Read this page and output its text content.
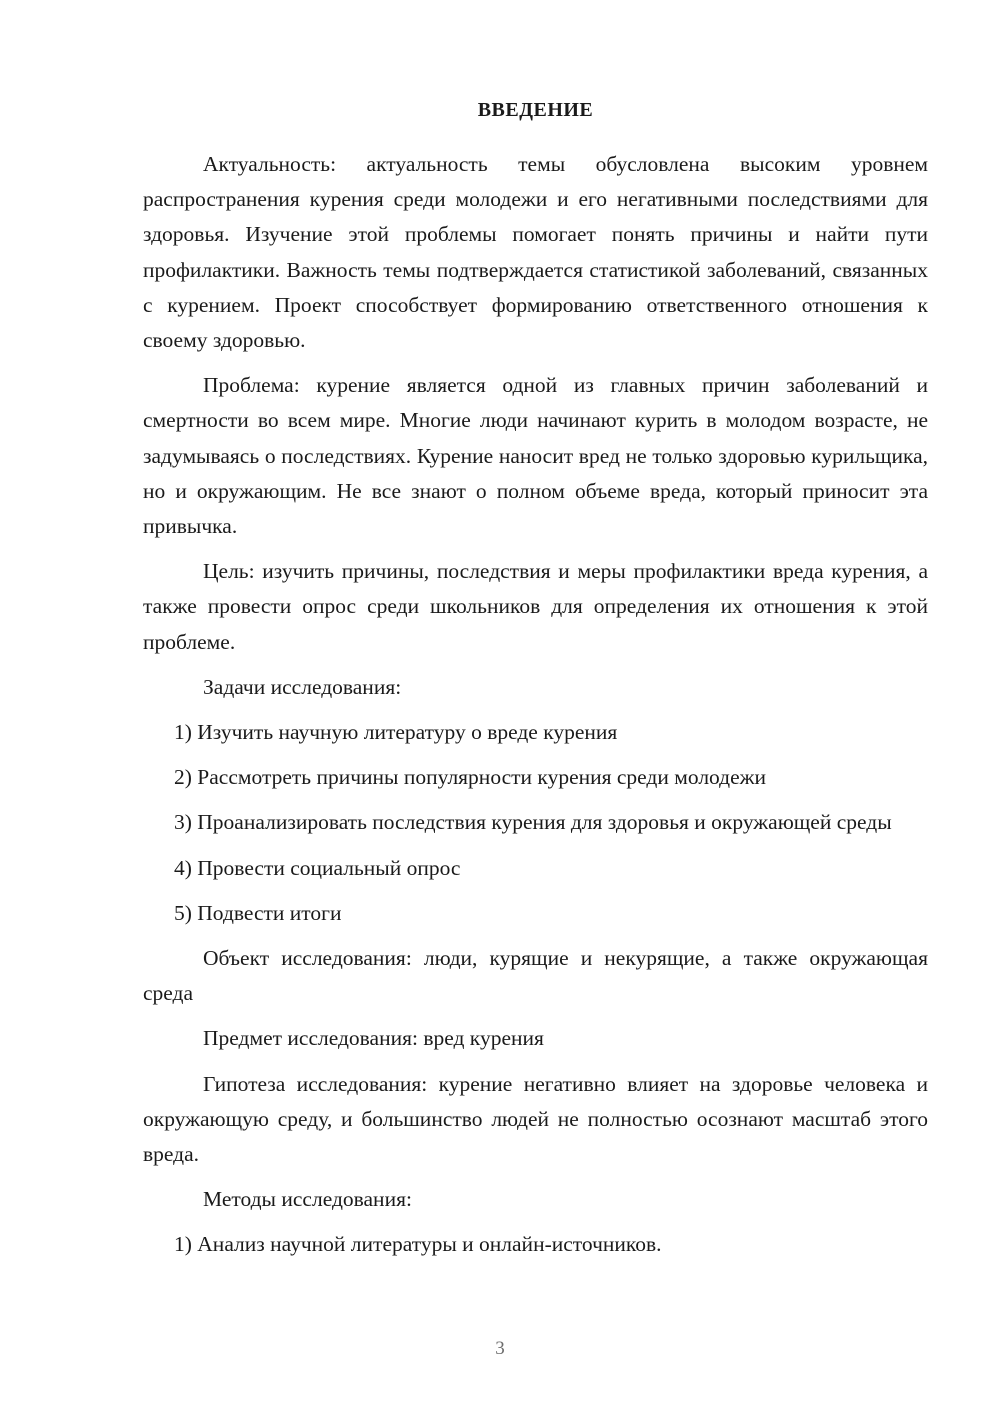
ВВЕДЕНИЕ

Актуальность: актуальность темы обусловлена высоким уровнем распространения курения среди молодежи и его негативными последствиями для здоровья. Изучение этой проблемы помогает понять причины и найти пути профилактики. Важность темы подтверждается статистикой заболеваний, связанных с курением. Проект способствует формированию ответственного отношения к своему здоровью.

Проблема: курение является одной из главных причин заболеваний и смертности во всем мире. Многие люди начинают курить в молодом возрасте, не задумываясь о последствиях. Курение наносит вред не только здоровью курильщика, но и окружающим. Не все знают о полном объеме вреда, который приносит эта привычка.

Цель: изучить причины, последствия и меры профилактики вреда курения, а также провести опрос среди школьников для определения их отношения к этой проблеме.

Задачи исследования:

1) Изучить научную литературу о вреде курения

2) Рассмотреть причины популярности курения среди молодежи

3) Проанализировать последствия курения для здоровья и окружающей среды

4) Провести социальный опрос

5) Подвести итоги

Объект исследования: люди, курящие и некурящие, а также окружающая среда

Предмет исследования: вред курения

Гипотеза исследования: курение негативно влияет на здоровье человека и окружающую среду, и большинство людей не полностью осознают масштаб этого вреда.

Методы исследования:

1) Анализ научной литературы и онлайн-источников.

3
